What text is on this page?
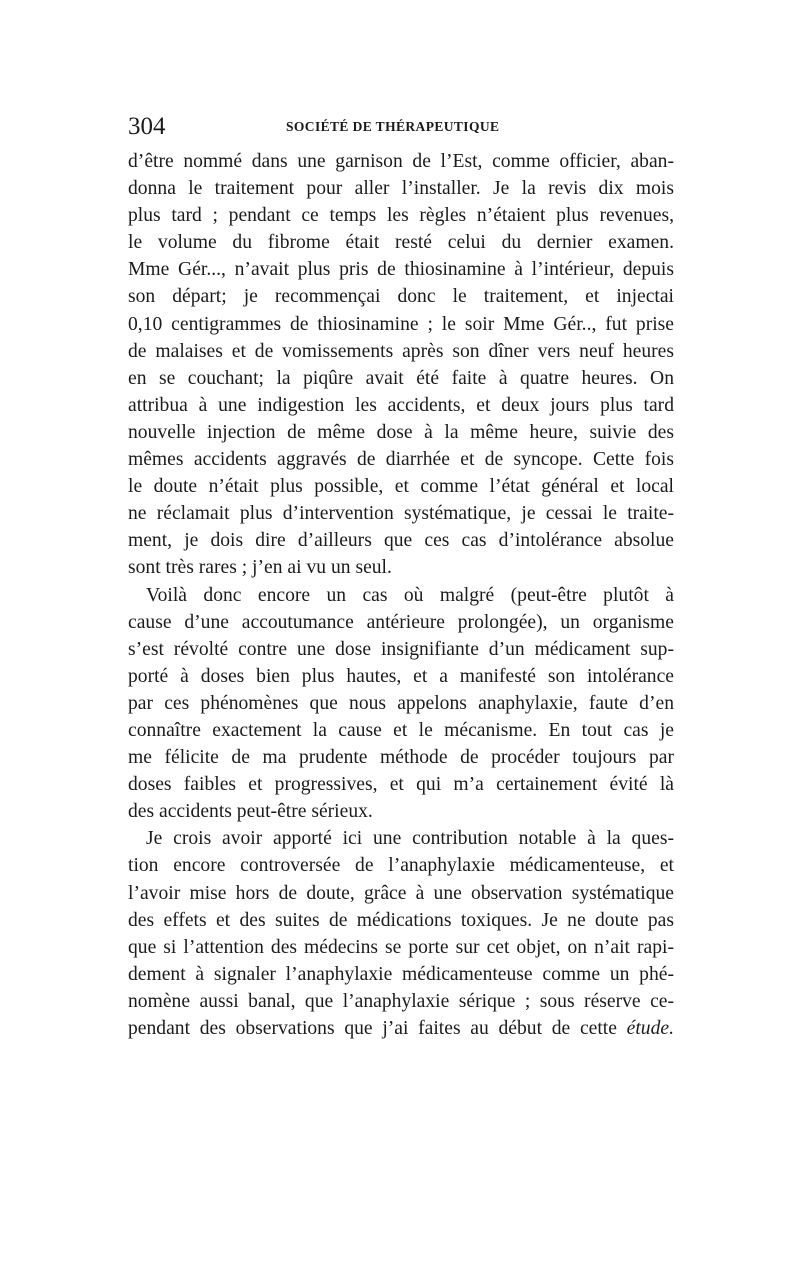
304	SOCIÉTÉ DE THÉRAPEUTIQUE
d’être nommé dans une garnison de l’Est, comme officier, aban-
donna le traitement pour aller l’installer. Je la revis dix mois
plus tard ; pendant ce temps les règles n’étaient plus revenues,
le volume du fibrome était resté celui du dernier examen.
Mme Gér..., n’avait plus pris de thiosinamine à l’intérieur, depuis
son départ; je recommençai donc le traitement, et injectai
0,10 centigrammes de thiosinamine ; le soir Mme Gér.., fut prise
de malaises et de vomissements après son dîner vers neuf heures
en se couchant; la piqûre avait été faite à quatre heures. On
attribua à une indigestion les accidents, et deux jours plus tard
nouvelle injection de même dose à la même heure, suivie des
mêmes accidents aggravés de diarrhée et de syncope. Cette fois
le doute n’était plus possible, et comme l’état général et local
ne réclamait plus d’intervention systématique, je cessai le traite-
ment, je dois dire d’ailleurs que ces cas d’intolérance absolue
sont très rares ; j’en ai vu un seul.
Voilà donc encore un cas où malgré (peut-être plutôt à
cause d’une accoutumance antérieure prolongée), un organisme
s’est révolté contre une dose insignifiante d’un médicament sup-
porté à doses bien plus hautes, et a manifesté son intolérance
par ces phénomènes que nous appelons anaphylaxie, faute d’en
connaître exactement la cause et le mécanisme. En tout cas je
me félicite de ma prudente méthode de procéder toujours par
doses faibles et progressives, et qui m’a certainement évité là
des accidents peut-être sérieux.
Je crois avoir apporté ici une contribution notable à la ques-
tion encore controversée de l’anaphylaxie médicamenteuse, et
l’avoir mise hors de doute, grâce à une observation systématique
des effets et des suites de médications toxiques. Je ne doute pas
que si l’attention des médecins se porte sur cet objet, on n’ait rapi-
dement à signaler l’anaphylaxie médicamenteuse comme un phé-
nomène aussi banal, que l’anaphylaxie sérique ; sous réserve ce-
pendant des observations que j’ai faites au début de cette étude.
